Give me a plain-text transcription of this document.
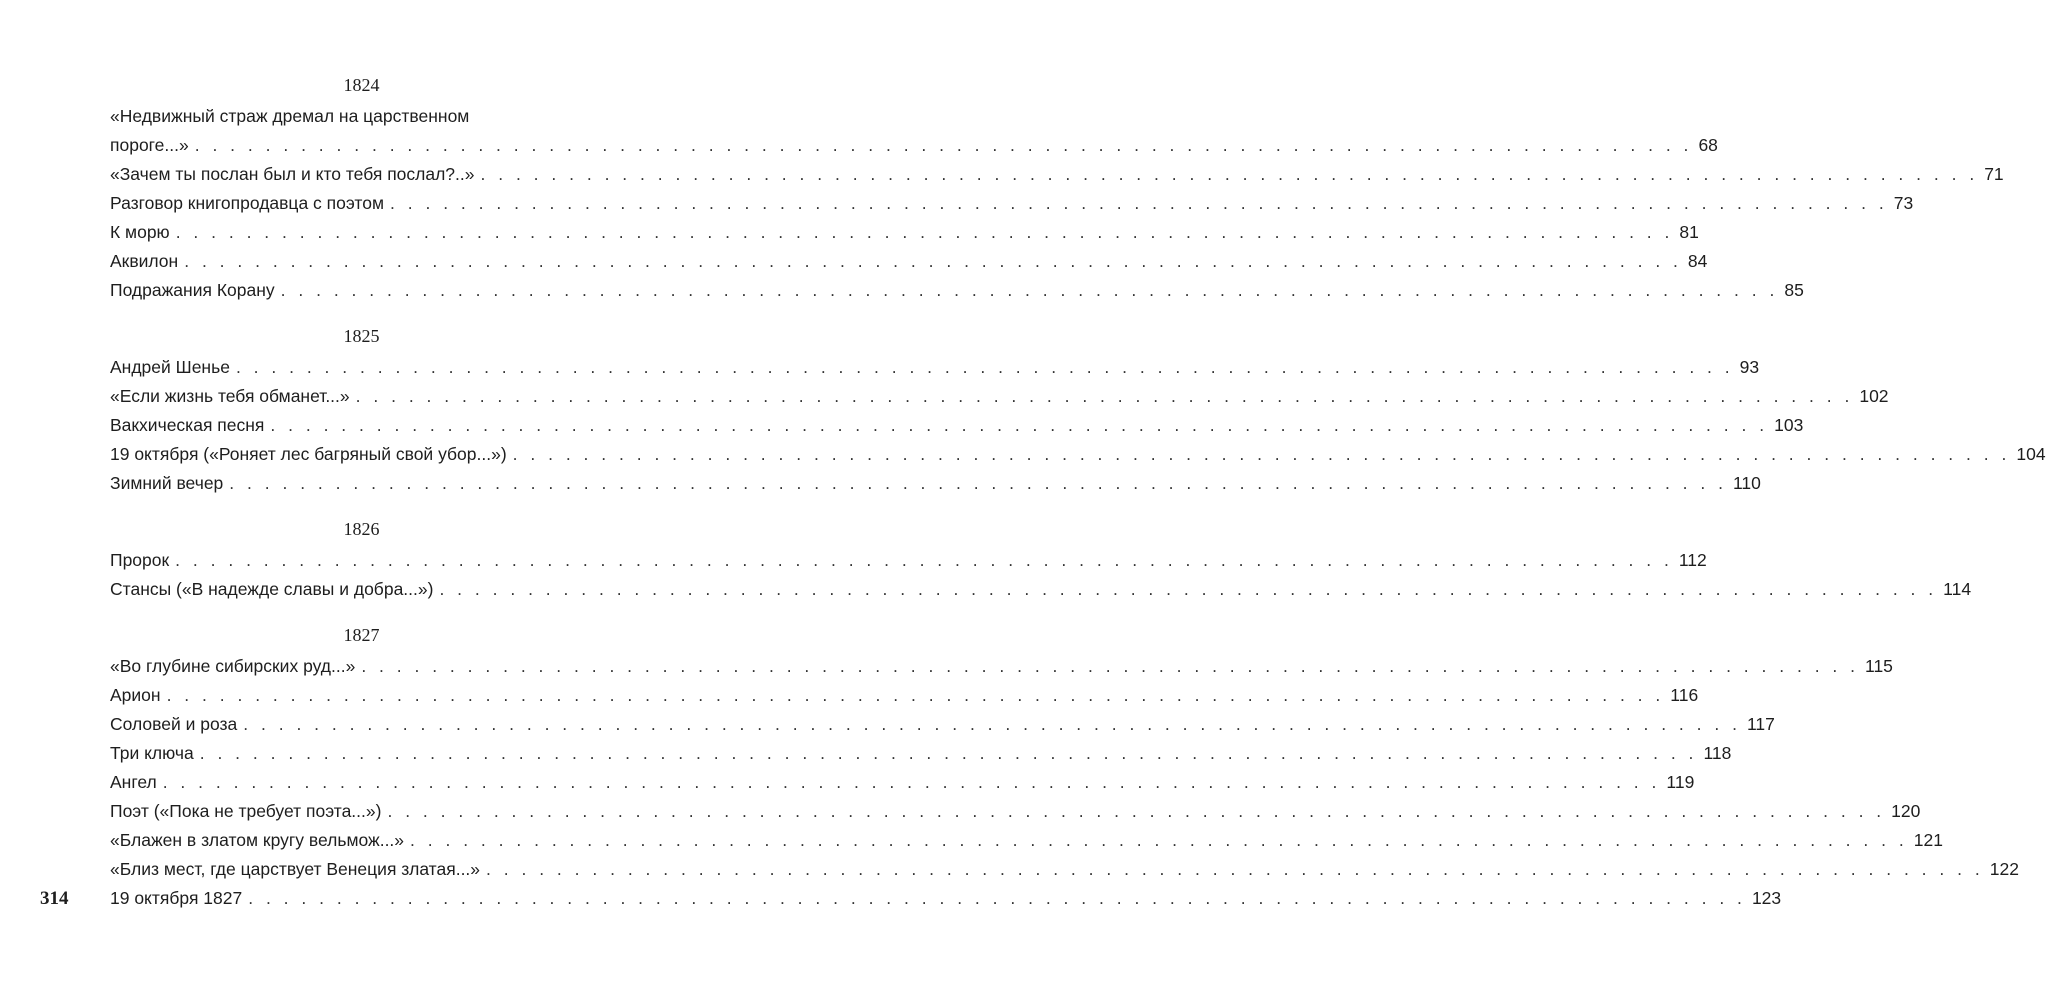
1824
«Недвижный страж дремал на царственном
пороге...» . . . . . . . . . . . . . . . . . . . . . . . . . . . . . . . . . . . . . . . . . . . . . . . . . . . . . . . . . . . . . . . . . . . . . . . . . . . . . . . . . . . . . 68
«Зачем ты послан был и кто тебя послал?..» . . . . . . . . . . . . . . . . . . . . . . . . . . . . . . . . . . . . . . . . . . . . . . . . . . . . . . . . . . . . . . . . . . . . . . . . . . . . . . . . . . . . . 71
Разговор книгопродавца с поэтом . . . . . . . . . . . . . . . . . . . . . . . . . . . . . . . . . . . . . . . . . . . . . . . . . . . . . . . . . . . . . . . . . . . . . . . . . . . . . . . . . . . . . 73
К морю . . . . . . . . . . . . . . . . . . . . . . . . . . . . . . . . . . . . . . . . . . . . . . . . . . . . . . . . . . . . . . . . . . . . . . . . . . . . . . . . . . . . . 81
Аквилон . . . . . . . . . . . . . . . . . . . . . . . . . . . . . . . . . . . . . . . . . . . . . . . . . . . . . . . . . . . . . . . . . . . . . . . . . . . . . . . . . . . . . 84
Подражания Корану . . . . . . . . . . . . . . . . . . . . . . . . . . . . . . . . . . . . . . . . . . . . . . . . . . . . . . . . . . . . . . . . . . . . . . . . . . . . . . . . . . . . . 85
1825
Андрей Шенье . . . . . . . . . . . . . . . . . . . . . . . . . . . . . . . . . . . . . . . . . . . . . . . . . . . . . . . . . . . . . . . . . . . . . . . . . . . . . . . . . . . . . 93
«Если жизнь тебя обманет...» . . . . . . . . . . . . . . . . . . . . . . . . . . . . . . . . . . . . . . . . . . . . . . . . . . . . . . . . . . . . . . . . . . . . . . . . . . . . . . . . . . . . . 102
Вакхическая песня . . . . . . . . . . . . . . . . . . . . . . . . . . . . . . . . . . . . . . . . . . . . . . . . . . . . . . . . . . . . . . . . . . . . . . . . . . . . . . . . . . . . . 103
19 октября («Роняет лес багряный свой убор...») . . . . . . . . . . . . . . . . . . . . . . . . . . . . . . . . . . . . . . . . . . . . . . . . . . . . . . . . . . . . . . . . . . . . . . . . . . . . . . . . . . . . . 104
Зимний вечер . . . . . . . . . . . . . . . . . . . . . . . . . . . . . . . . . . . . . . . . . . . . . . . . . . . . . . . . . . . . . . . . . . . . . . . . . . . . . . . . . . . . . 110
1826
Пророк . . . . . . . . . . . . . . . . . . . . . . . . . . . . . . . . . . . . . . . . . . . . . . . . . . . . . . . . . . . . . . . . . . . . . . . . . . . . . . . . . . . . . 112
Стансы («В надежде славы и добра...») . . . . . . . . . . . . . . . . . . . . . . . . . . . . . . . . . . . . . . . . . . . . . . . . . . . . . . . . . . . . . . . . . . . . . . . . . . . . . . . . . . . . . 114
1827
«Во глубине сибирских руд...» . . . . . . . . . . . . . . . . . . . . . . . . . . . . . . . . . . . . . . . . . . . . . . . . . . . . . . . . . . . . . . . . . . . . . . . . . . . . . . . . . . . . . 115
Арион . . . . . . . . . . . . . . . . . . . . . . . . . . . . . . . . . . . . . . . . . . . . . . . . . . . . . . . . . . . . . . . . . . . . . . . . . . . . . . . . . . . . . 116
Соловей и роза . . . . . . . . . . . . . . . . . . . . . . . . . . . . . . . . . . . . . . . . . . . . . . . . . . . . . . . . . . . . . . . . . . . . . . . . . . . . . . . . . . . . . 117
Три ключа . . . . . . . . . . . . . . . . . . . . . . . . . . . . . . . . . . . . . . . . . . . . . . . . . . . . . . . . . . . . . . . . . . . . . . . . . . . . . . . . . . . . . 118
Ангел . . . . . . . . . . . . . . . . . . . . . . . . . . . . . . . . . . . . . . . . . . . . . . . . . . . . . . . . . . . . . . . . . . . . . . . . . . . . . . . . . . . . . 119
Поэт («Пока не требует поэта...») . . . . . . . . . . . . . . . . . . . . . . . . . . . . . . . . . . . . . . . . . . . . . . . . . . . . . . . . . . . . . . . . . . . . . . . . . . . . . . . . . . . . . 120
«Блажен в златом кругу вельмож...» . . . . . . . . . . . . . . . . . . . . . . . . . . . . . . . . . . . . . . . . . . . . . . . . . . . . . . . . . . . . . . . . . . . . . . . . . . . . . . . . . . . . . 121
«Близ мест, где царствует Венеция златая...» . . . . . . . . . . . . . . . . . . . . . . . . . . . . . . . . . . . . . . . . . . . . . . . . . . . . . . . . . . . . . . . . . . . . . . . . . . . . . . . . . . . . . 122
19 октября 1827 . . . . . . . . . . . . . . . . . . . . . . . . . . . . . . . . . . . . . . . . . . . . . . . . . . . . . . . . . . . . . . . . . . . . . . . . . . . . . . . . . . . . . 123
314
